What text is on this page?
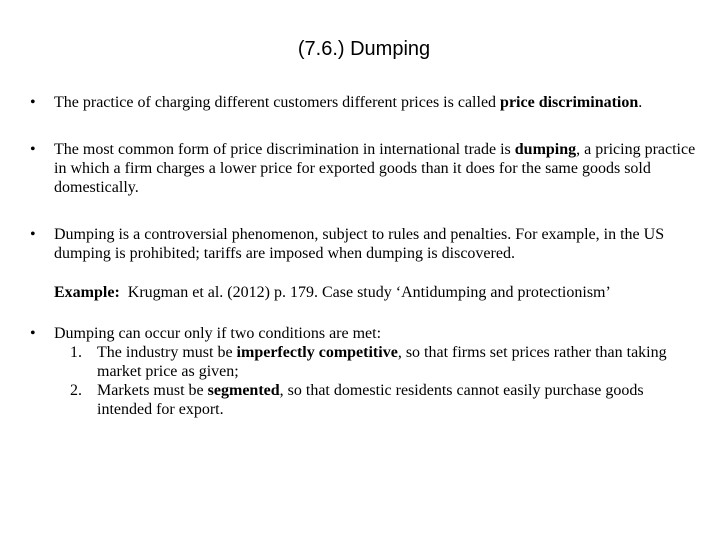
(7.6.) Dumping
•	The practice of charging different customers different prices is called price discrimination.
•	The most common form of price discrimination in international trade is dumping, a pricing practice in which a firm charges a lower price for exported goods than it does for the same goods sold domestically.
•	Dumping is a controversial phenomenon, subject to rules and penalties. For example, in the US dumping is prohibited; tariffs are imposed when dumping is discovered.
Example: Krugman et al. (2012) p. 179. Case study ‘Antidumping and protectionism’
•	Dumping can occur only if two conditions are met:
1. The industry must be imperfectly competitive, so that firms set prices rather than taking market price as given;
2. Markets must be segmented, so that domestic residents cannot easily purchase goods intended for export.
